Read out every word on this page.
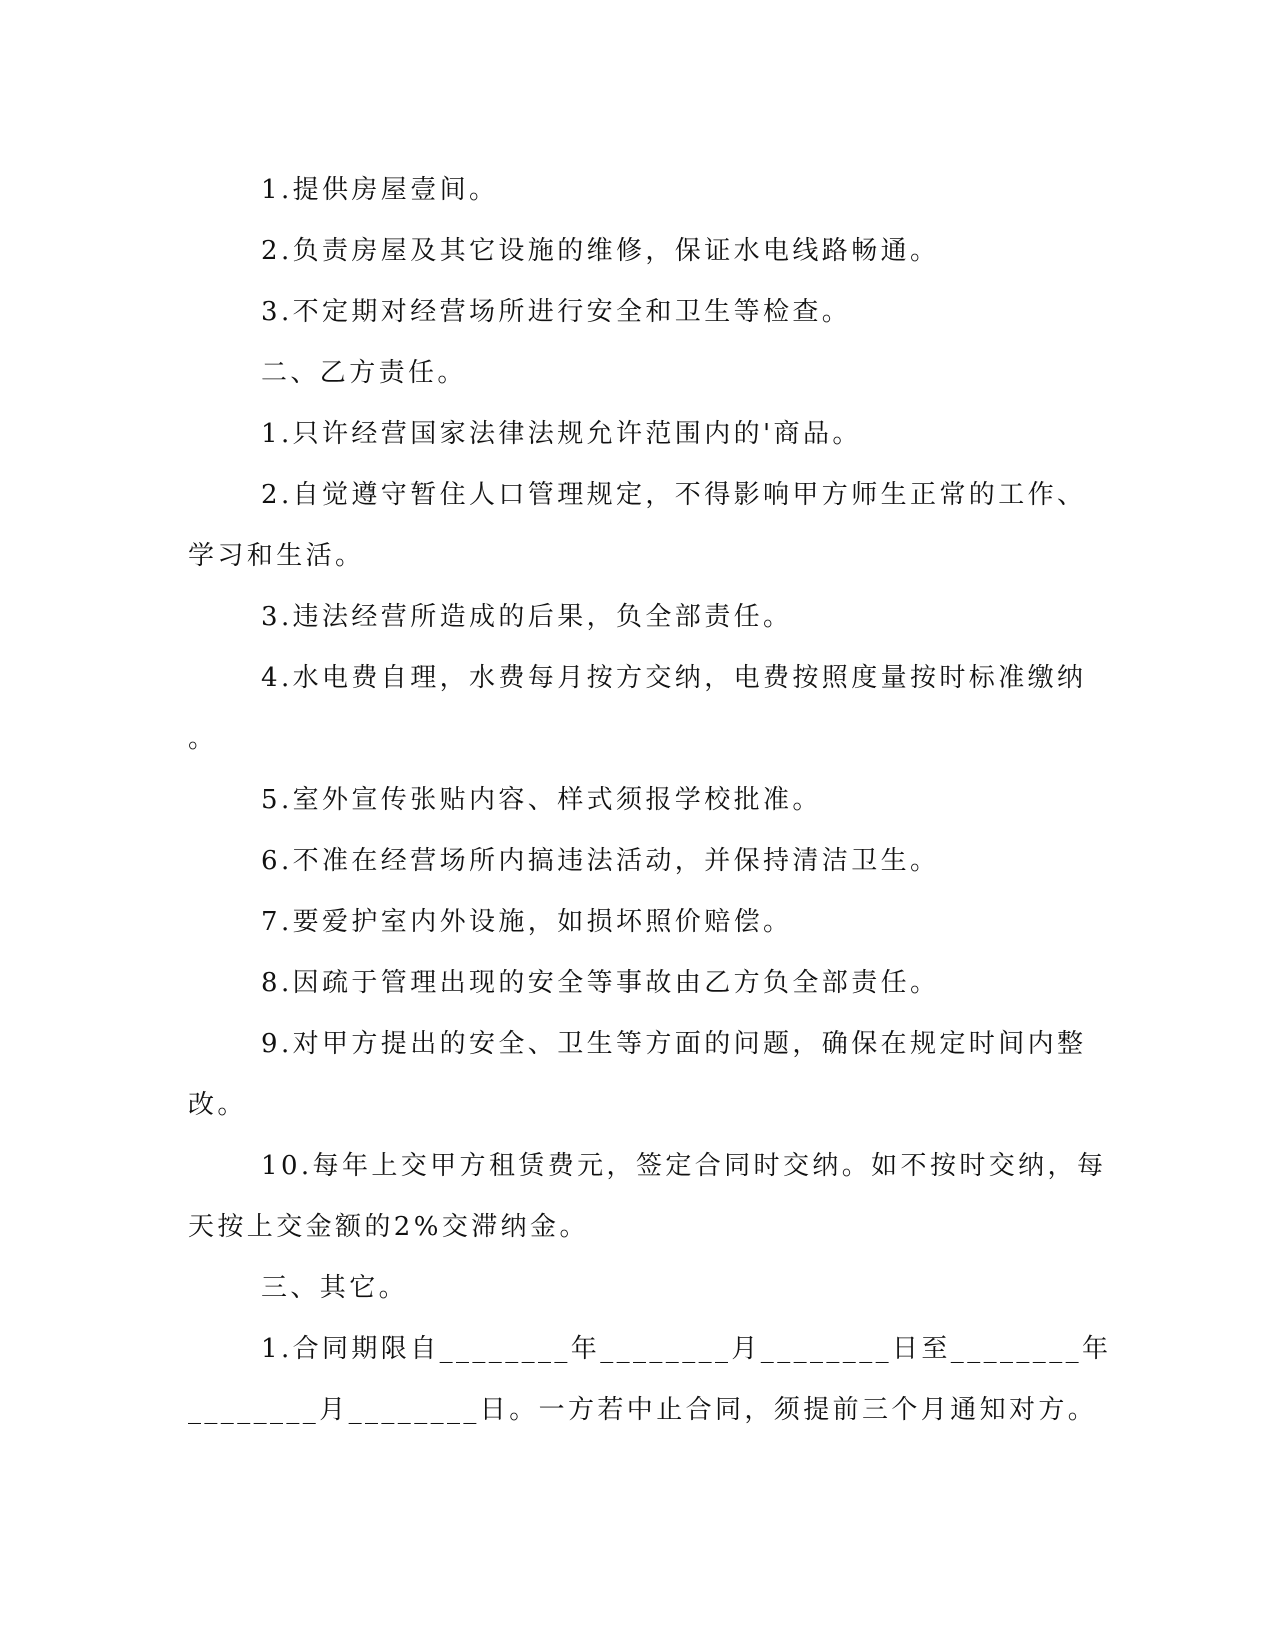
1.提供房屋壹间。

2.负责房屋及其它设施的维修，保证水电线路畅通。

3.不定期对经营场所进行安全和卫生等检查。

二、乙方责任。

1.只许经营国家法律法规允许范围内的'商品。

2.自觉遵守暂住人口管理规定，不得影响甲方师生正常的工作、

学习和生活。

3.违法经营所造成的后果，负全部责任。

4.水电费自理，水费每月按方交纳，电费按照度量按时标准缴纳

。

5.室外宣传张贴内容、样式须报学校批准。

6.不准在经营场所内搞违法活动，并保持清洁卫生。

7.要爱护室内外设施，如损坏照价赔偿。

8.因疏于管理出现的安全等事故由乙方负全部责任。

9.对甲方提出的安全、卫生等方面的问题，确保在规定时间内整

改。

10.每年上交甲方租赁费元，签定合同时交纳。如不按时交纳，每

天按上交金额的2%交滞纳金。

三、其它。

1.合同期限自________年________月________日至________年

________月________日。一方若中止合同，须提前三个月通知对方。
